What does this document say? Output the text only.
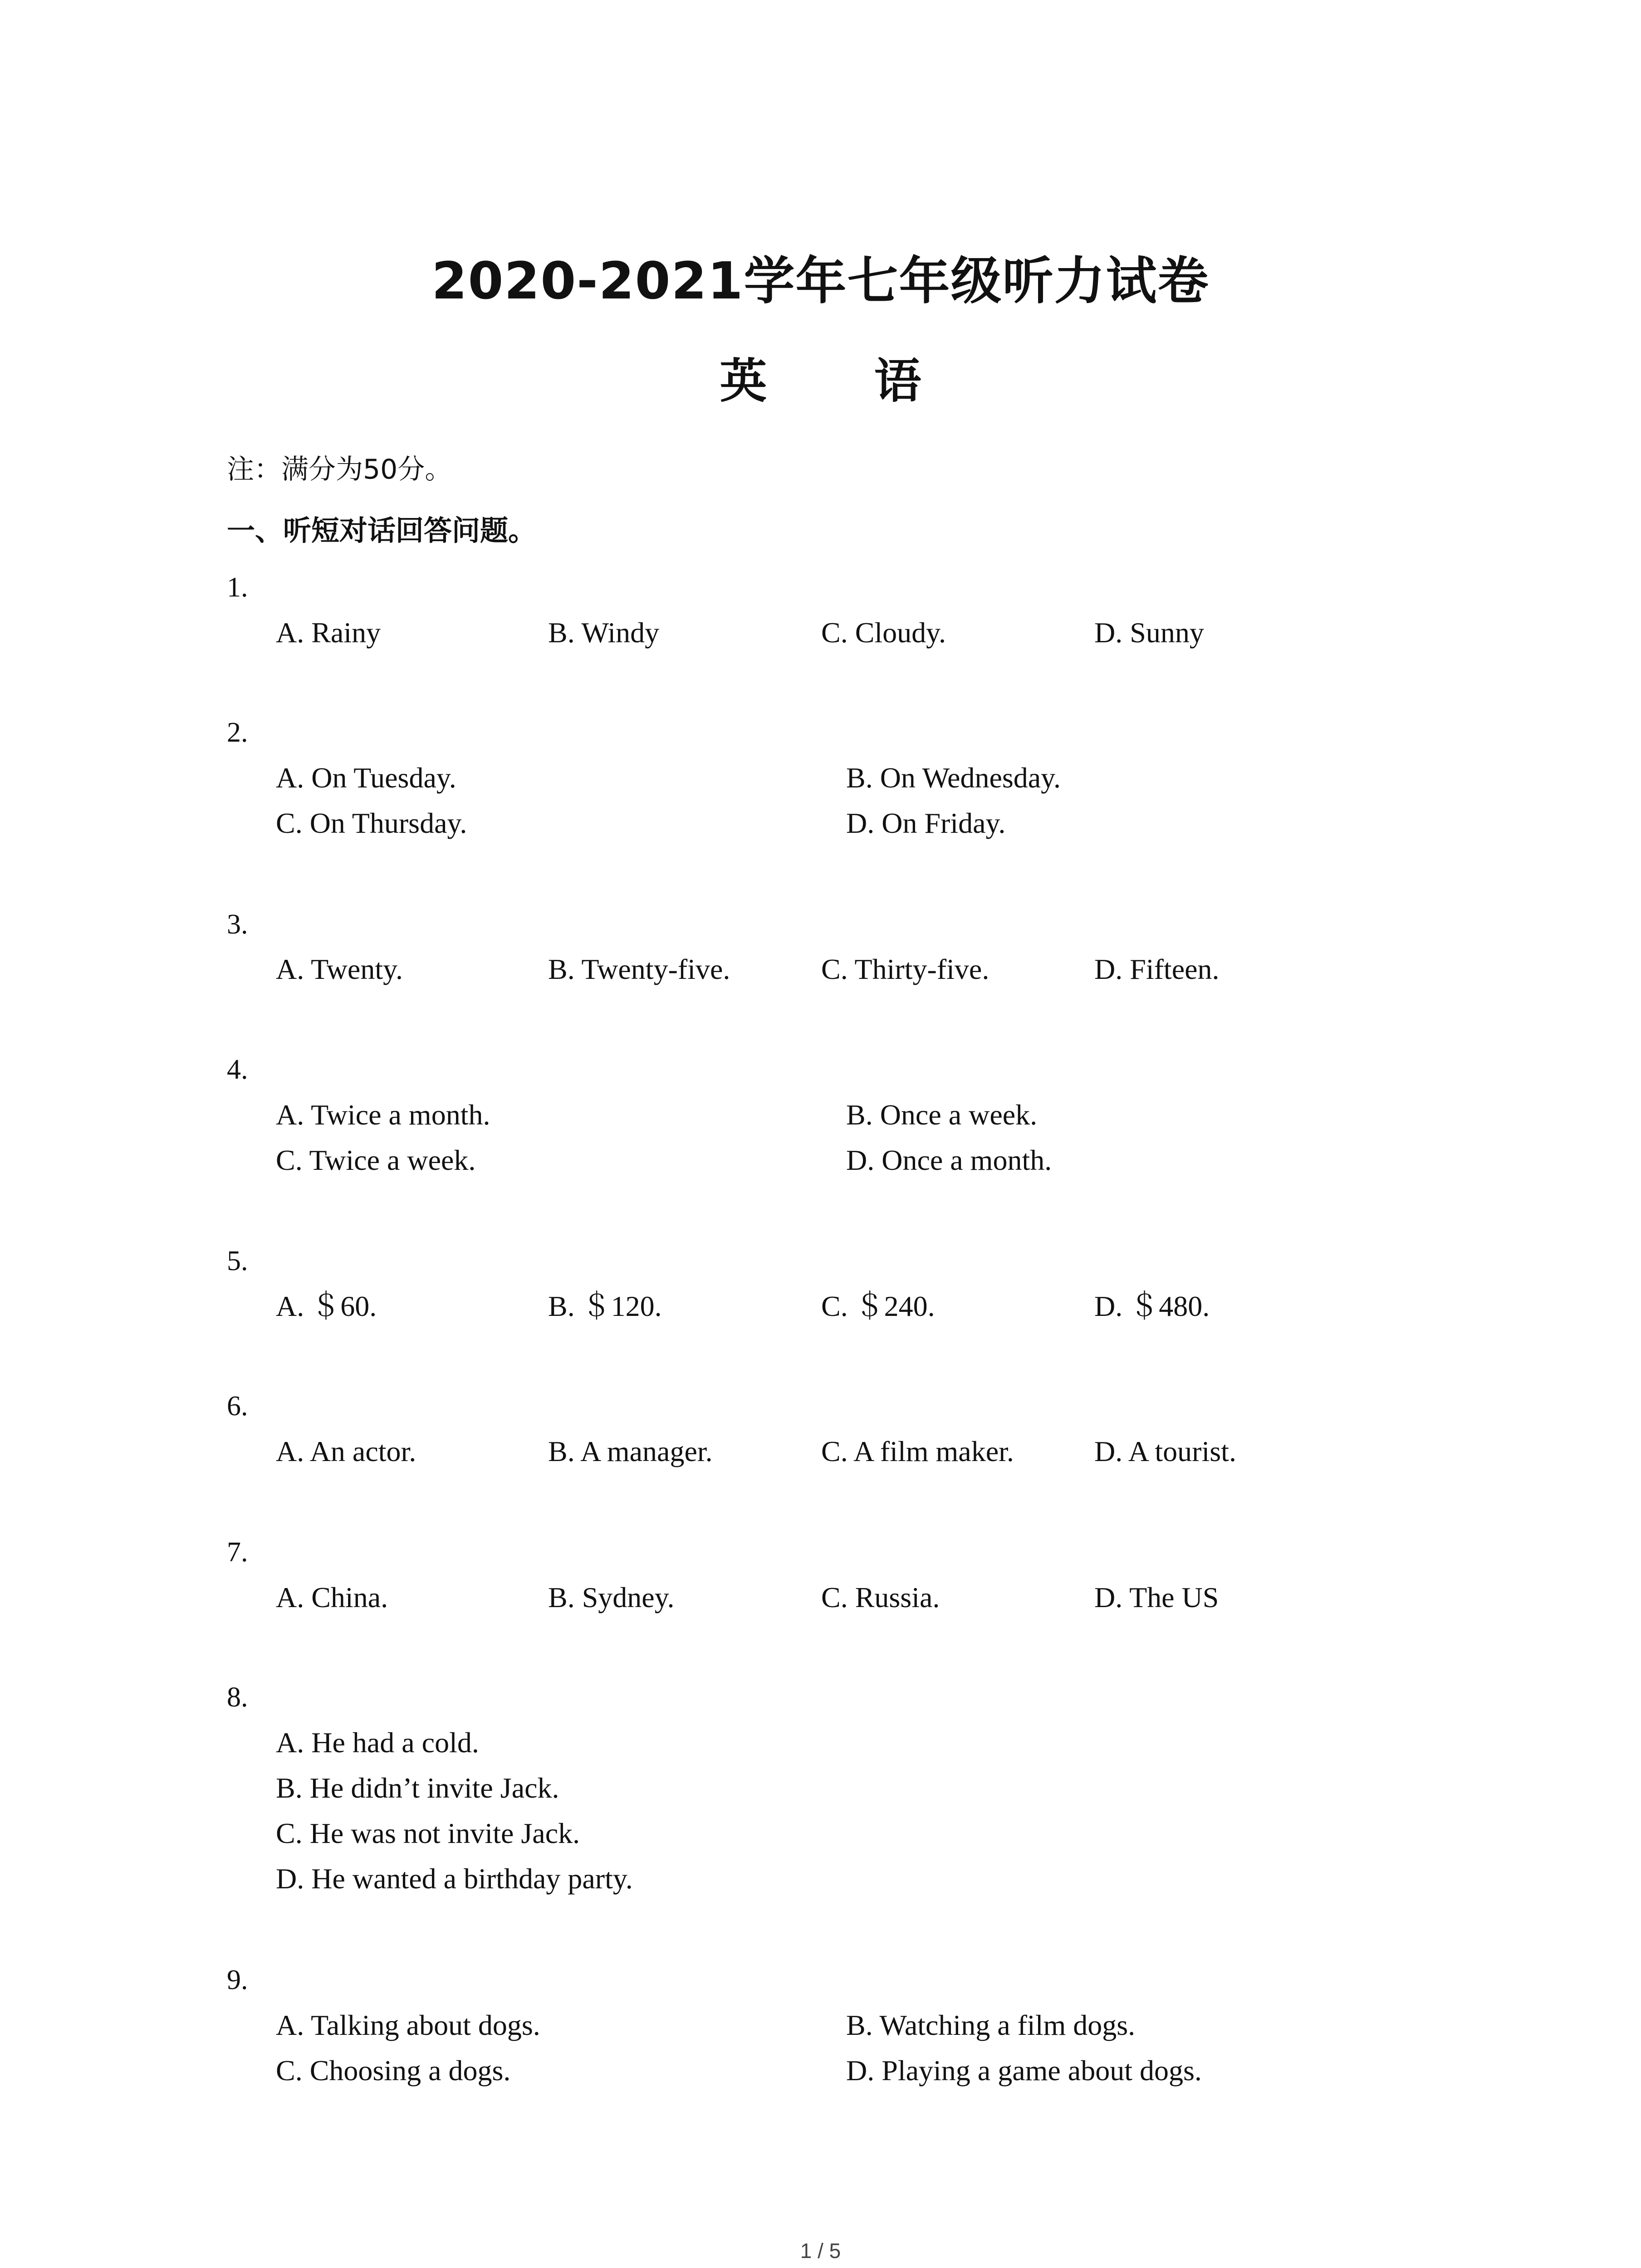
2020-2021学年七年级听力试卷
英 语
注：满分为50分。
一、听短对话回答问题。
1.
A. Rainy	B. Windy	C. Cloudy.	D. Sunny
2.
A. On Tuesday.	B. On Wednesday.
C. On Thursday.	D. On Friday.
3.
A. Twenty.	B. Twenty-five.	C. Thirty-five.	D. Fifteen.
4.
A. Twice a month.	B. Once a week.
C. Twice a week.	D. Once a month.
5.
A. ＄60.	B. ＄120.	C. ＄240.	D. ＄480.
6.
A. An actor.	B. A manager.	C. A film maker.	D. A tourist.
7.
A. China.	B. Sydney.	C. Russia.	D. The US
8.
A. He had a cold.
B. He didn’t invite Jack.
C. He was not invite Jack.
D. He wanted a birthday party.
9.
A. Talking about dogs.	B. Watching a film dogs.
C. Choosing a dogs.	D. Playing a game about dogs.
1 / 5
